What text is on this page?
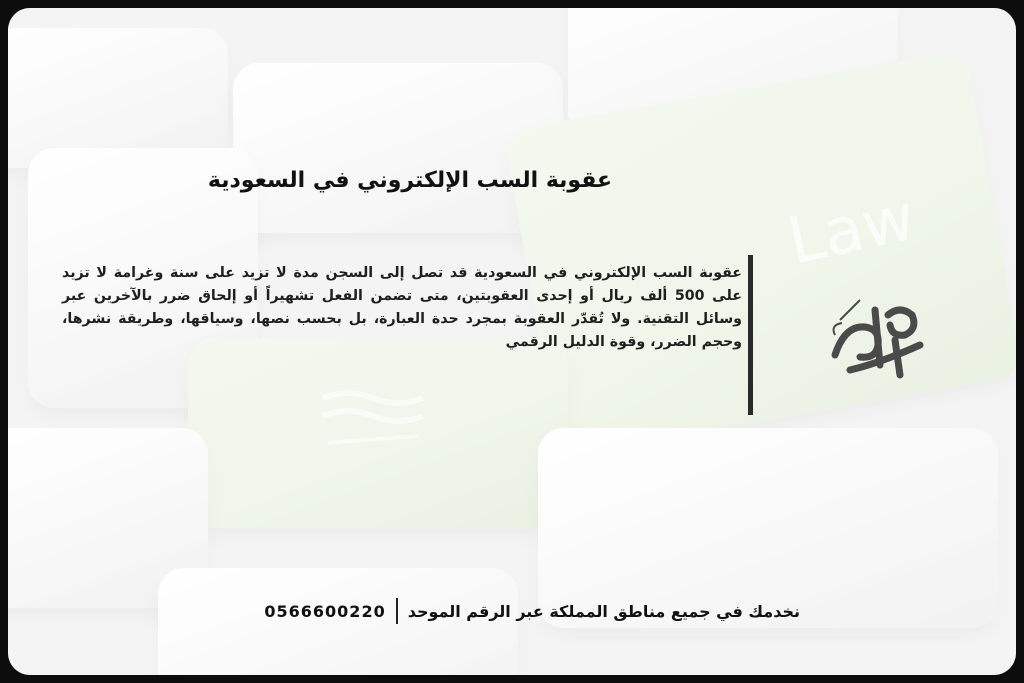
Law
عقوبة السب الإلكتروني في السعودية
عقوبة السب الإلكتروني في السعودية قد تصل إلى السجن مدة لا تزيد على سنة وغرامة لا تزيد على 500 ألف ريال أو إحدى العقوبتين، متى تضمن الفعل تشهيراً أو إلحاق ضرر بالآخرين عبر وسائل التقنية. ولا تُقدّر العقوبة بمجرد حدة العبارة، بل بحسب نصها، وسياقها، وطريقة نشرها، وحجم الضرر، وقوة الدليل الرقمي
نخدمك في جميع مناطق المملكة عبر الرقم الموحد
0566600220
